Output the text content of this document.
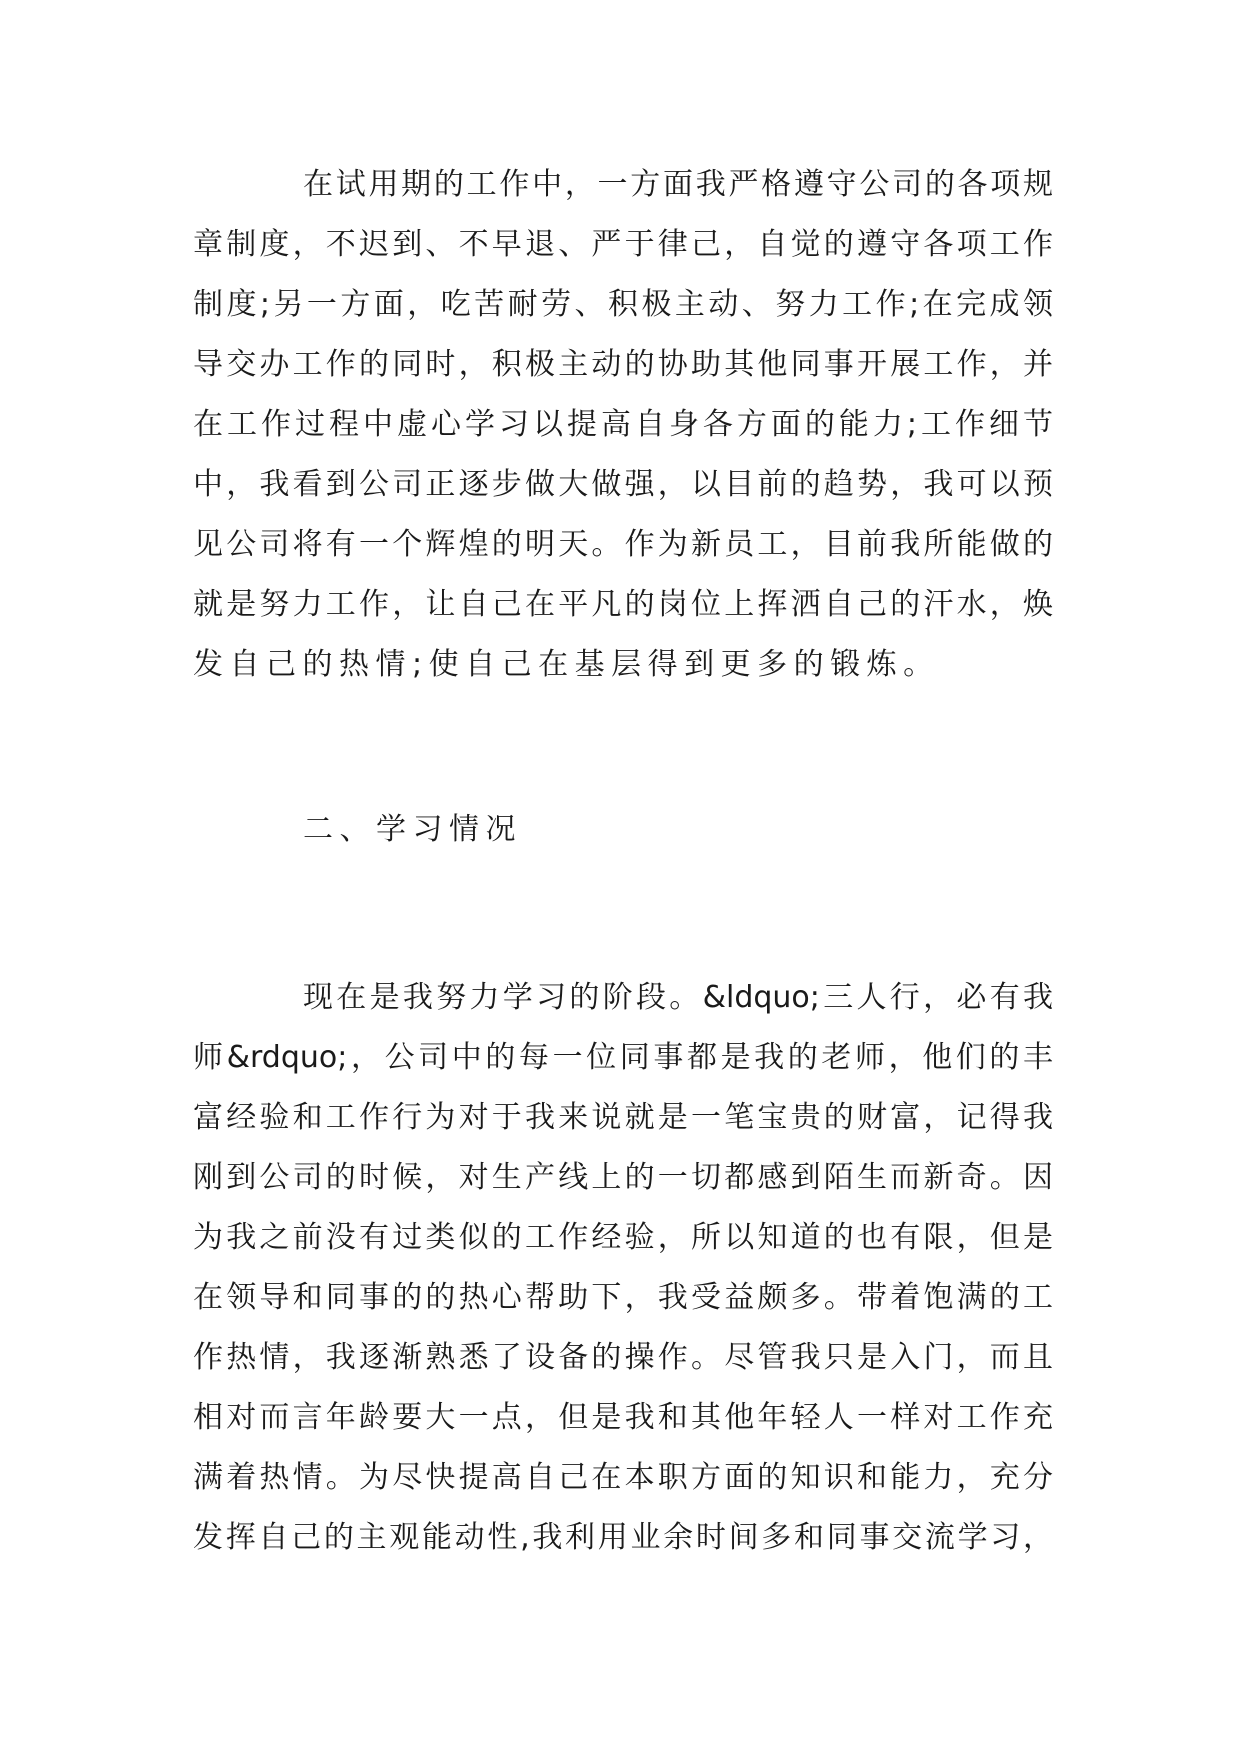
在试用期的工作中，一方面我严格遵守公司的各项规
章制度，不迟到、不早退、严于律己，自觉的遵守各项工作
制度;另一方面，吃苦耐劳、积极主动、努力工作;在完成领
导交办工作的同时，积极主动的协助其他同事开展工作，并
在工作过程中虚心学习以提高自身各方面的能力;工作细节
中，我看到公司正逐步做大做强，以目前的趋势，我可以预
见公司将有一个辉煌的明天。作为新员工，目前我所能做的
就是努力工作，让自己在平凡的岗位上挥洒自己的汗水，焕
发自己的热情;使自己在基层得到更多的锻炼。
二、学习情况
现在是我努力学习的阶段。&ldquo;三人行，必有我
师&rdquo;，公司中的每一位同事都是我的老师，他们的丰
富经验和工作行为对于我来说就是一笔宝贵的财富，记得我
刚到公司的时候，对生产线上的一切都感到陌生而新奇。因
为我之前没有过类似的工作经验，所以知道的也有限，但是
在领导和同事的的热心帮助下，我受益颇多。带着饱满的工
作热情，我逐渐熟悉了设备的操作。尽管我只是入门，而且
相对而言年龄要大一点，但是我和其他年轻人一样对工作充
满着热情。为尽快提高自己在本职方面的知识和能力，充分
发挥自己的主观能动性,我利用业余时间多和同事交流学习，
